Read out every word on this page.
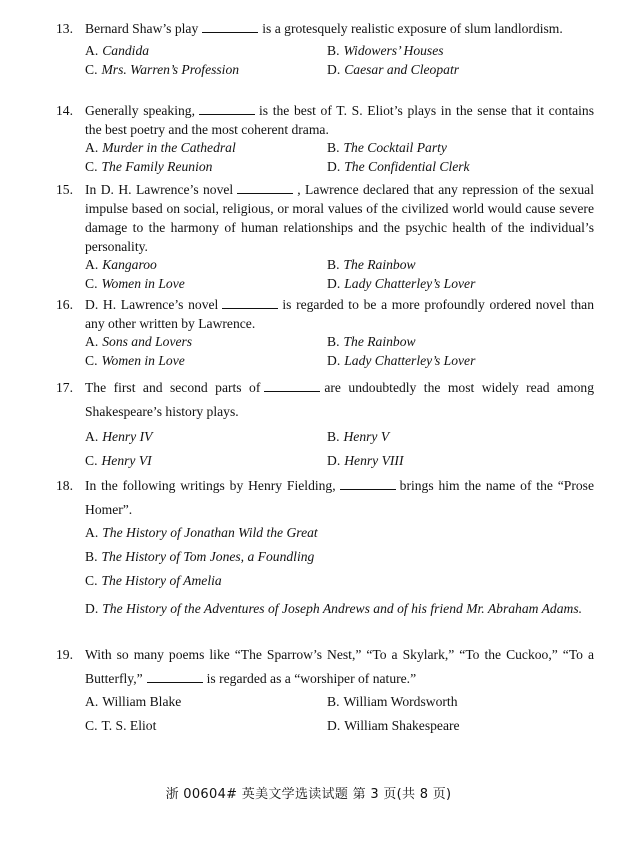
13. Bernard Shaw’s play	is a grotesquely realistic exposure of slum landlordism.
A. Candida	B. Widowers’ Houses
C. Mrs. Warren’s Profession	D. Caesar and Cleopatr
14. Generally speaking,	is the best of T. S. Eliot’s plays in the sense that it contains the best poetry and the most coherent drama.
A. Murder in the Cathedral	B. The Cocktail Party
C. The Family Reunion	D. The Confidential Clerk
15. In D. H. Lawrence’s novel	, Lawrence declared that any repression of the sexual impulse based on social, religious, or moral values of the civilized world would cause severe damage to the harmony of human relationships and the psychic health of the individual’s personality.
A. Kangaroo	B. The Rainbow
C. Women in Love	D. Lady Chatterley’s Lover
16. D. H. Lawrence’s novel	is regarded to be a more profoundly ordered novel than any other written by Lawrence.
A. Sons and Lovers	B. The Rainbow
C. Women in Love	D. Lady Chatterley’s Lover
17. The first and second parts of	are undoubtedly the most widely read among Shakespeare’s history plays.
A. Henry IV	B. Henry V
C. Henry VI	D. Henry VIII
18. In the following writings by Henry Fielding,	brings him the name of the “Prose Homer”.
A. The History of Jonathan Wild the Great
B. The History of Tom Jones, a Foundling
C. The History of Amelia
D. The History of the Adventures of Joseph Andrews and of his friend Mr. Abraham Adams.
19. With so many poems like “The Sparrow’s Nest,” “To a Skylark,” “To the Cuckoo,” “To a Butterfly,”	is regarded as a “worshiper of nature.”
A. William Blake	B. William Wordsworth
C. T. S. Eliot	D. William Shakespeare
浙 00604# 英美文学选读试题 第 3 页(共 8 页)
